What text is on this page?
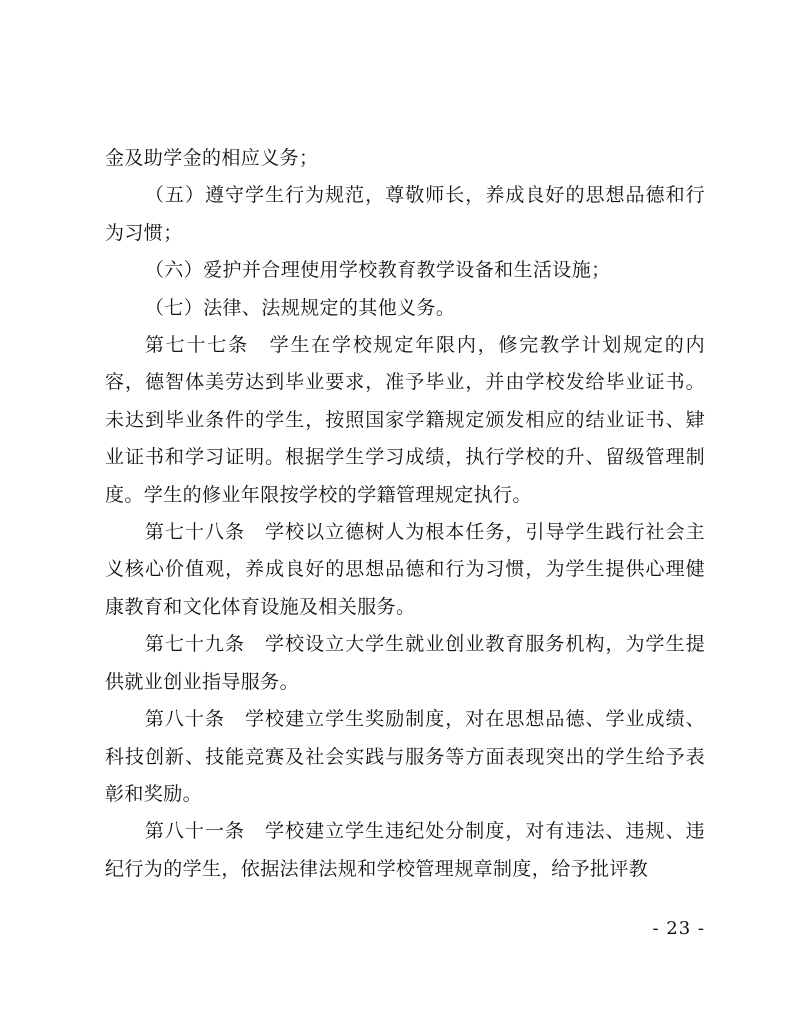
金及助学金的相应义务；

（五）遵守学生行为规范，尊敬师长，养成良好的思想品德和行为习惯；

（六）爱护并合理使用学校教育教学设备和生活设施；

（七）法律、法规规定的其他义务。

第七十七条　学生在学校规定年限内，修完教学计划规定的内容，德智体美劳达到毕业要求，准予毕业，并由学校发给毕业证书。未达到毕业条件的学生，按照国家学籍规定颁发相应的结业证书、肄业证书和学习证明。根据学生学习成绩，执行学校的升、留级管理制度。学生的修业年限按学校的学籍管理规定执行。

第七十八条　学校以立德树人为根本任务，引导学生践行社会主义核心价值观，养成良好的思想品德和行为习惯，为学生提供心理健康教育和文化体育设施及相关服务。

第七十九条　学校设立大学生就业创业教育服务机构，为学生提供就业创业指导服务。

第八十条　学校建立学生奖励制度，对在思想品德、学业成绩、科技创新、技能竞赛及社会实践与服务等方面表现突出的学生给予表彰和奖励。

第八十一条　学校建立学生违纪处分制度，对有违法、违规、违纪行为的学生，依据法律法规和学校管理规章制度，给予批评教

- 23 -
